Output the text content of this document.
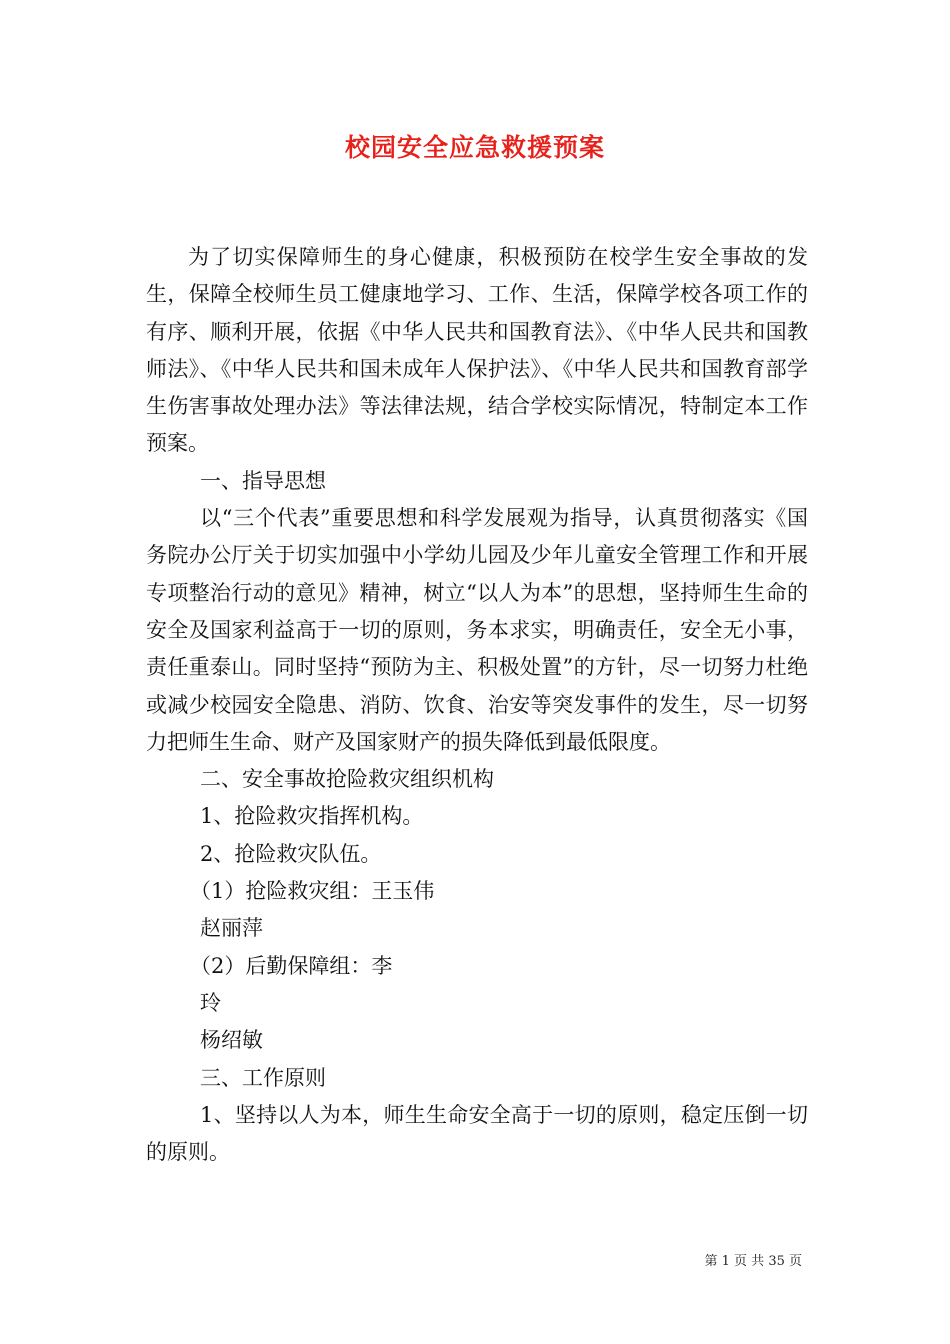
校园安全应急救援预案

为了切实保障师生的身心健康，积极预防在校学生安全事故的发生，保障全校师生员工健康地学习、工作、生活，保障学校各项工作的有序、顺利开展，依据《中华人民共和国教育法》、《中华人民共和国教师法》、《中华人民共和国未成年人保护法》、《中华人民共和国教育部学生伤害事故处理办法》等法律法规，结合学校实际情况，特制定本工作预案。

一、指导思想

以“三个代表”重要思想和科学发展观为指导，认真贯彻落实《国务院办公厅关于切实加强中小学幼儿园及少年儿童安全管理工作和开展专项整治行动的意见》精神，树立“以人为本”的思想，坚持师生生命的安全及国家利益高于一切的原则，务本求实，明确责任，安全无小事，责任重泰山。同时坚持“预防为主、积极处置”的方针，尽一切努力杜绝或减少校园安全隐患、消防、饮食、治安等突发事件的发生，尽一切努力把师生生命、财产及国家财产的损失降低到最低限度。

二、安全事故抢险救灾组织机构

1、抢险救灾指挥机构。

2、抢险救灾队伍。

（1）抢险救灾组：王玉伟

赵丽萍

（2）后勤保障组：李

玲

杨绍敏

三、工作原则

1、坚持以人为本，师生生命安全高于一切的原则，稳定压倒一切的原则。

第 1 页 共 35 页
